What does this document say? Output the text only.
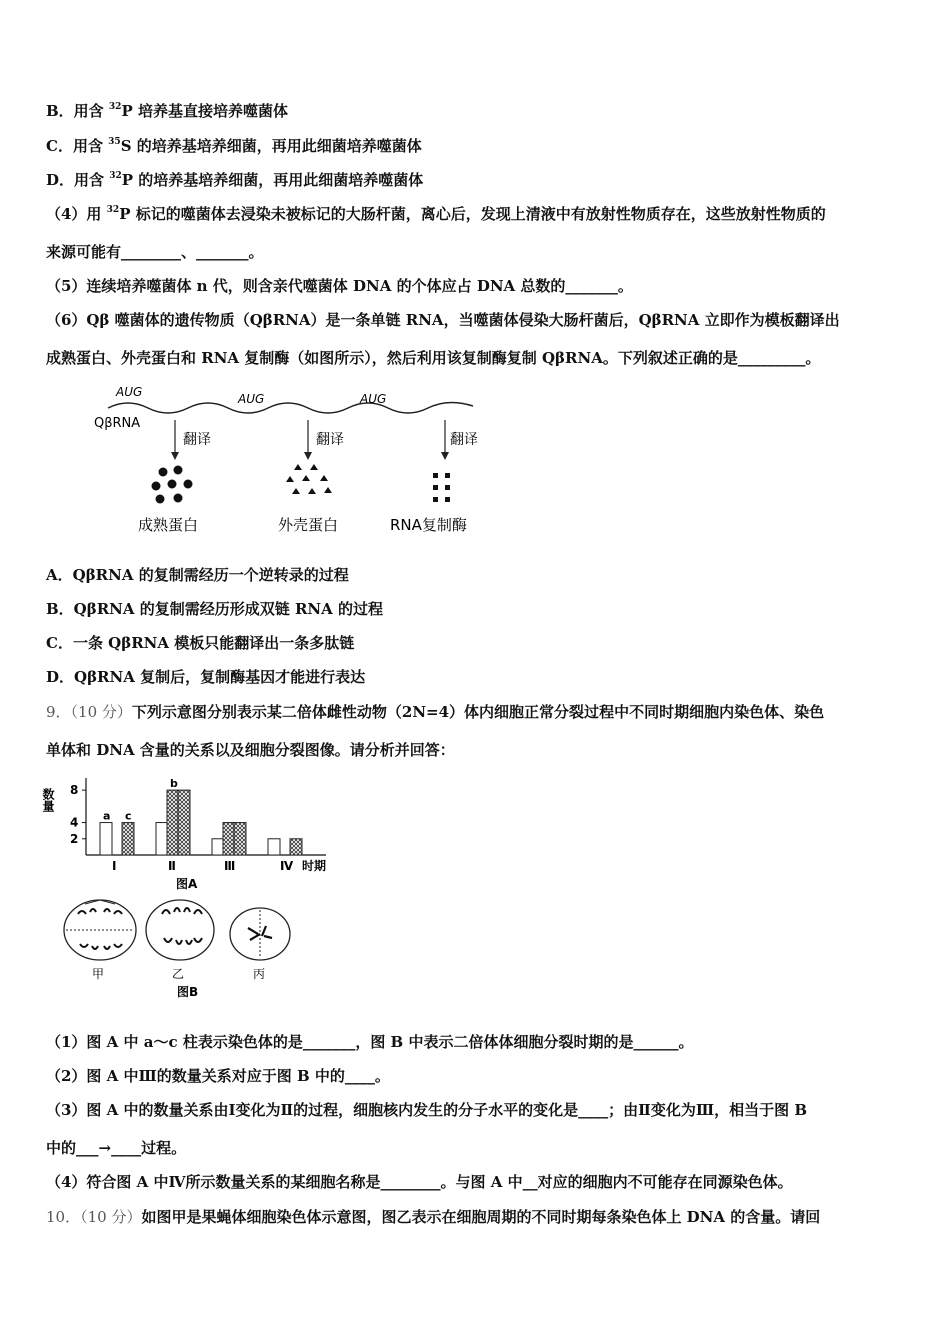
B．用含 $^{32}$P 培养基直接培养噬菌体
C．用含 $^{35}$S 的培养基培养细菌，再用此细菌培养噬菌体
D．用含 $^{32}$P 的培养基培养细菌，再用此细菌培养噬菌体
（4）用 $^{32}$P 标记的噬菌体去浸染未被标记的大肠杆菌，离心后，发现上清液中有放射性物质存在，这些放射性物质的
来源可能有________、_______。
（5）连续培养噬菌体 n 代，则含亲代噬菌体 DNA 的个体应占 DNA 总数的_______。
（6）Qβ 噬菌体的遗传物质（QβRNA）是一条单链 RNA，当噬菌体侵染大肠杆菌后，QβRNA 立即作为模板翻译出
成熟蛋白、外壳蛋白和 RNA 复制酶（如图所示），然后利用该复制酶复制 QβRNA。下列叙述正确的是_________。
QβRNA
AUG	AUG	AUG
翻译	翻译	翻译
成熟蛋白	外壳蛋白	RNA复制酶
A．QβRNA 的复制需经历一个逆转录的过程
B．QβRNA 的复制需经历形成双链 RNA 的过程
C．一条 QβRNA 模板只能翻译出一条多肽链
D．QβRNA 复制后，复制酶基因才能进行表达
9．（10 分）下列示意图分别表示某二倍体雌性动物（2N=4）体内细胞正常分裂过程中不同时期细胞内染色体、染色
单体和 DNA 含量的关系以及细胞分裂图像。请分析并回答：
数量
2
4
8
a c
b
Ⅰ	Ⅱ	Ⅲ	Ⅳ 时期
图A
甲	乙	丙
图B
（1）图 A 中 a～c 柱表示染色体的是_______，图 B 中表示二倍体体细胞分裂时期的是______。
（2）图 A 中Ⅲ的数量关系对应于图 B 中的____。
（3）图 A 中的数量关系由Ⅰ变化为Ⅱ的过程，细胞核内发生的分子水平的变化是____；由Ⅱ变化为Ⅲ，相当于图 B
中的___→____过程。
（4）符合图 A 中Ⅳ所示数量关系的某细胞名称是________。与图 A 中__对应的细胞内不可能存在同源染色体。
10．（10 分）如图甲是果蝇体细胞染色体示意图，图乙表示在细胞周期的不同时期每条染色体上 DNA 的含量。请回
